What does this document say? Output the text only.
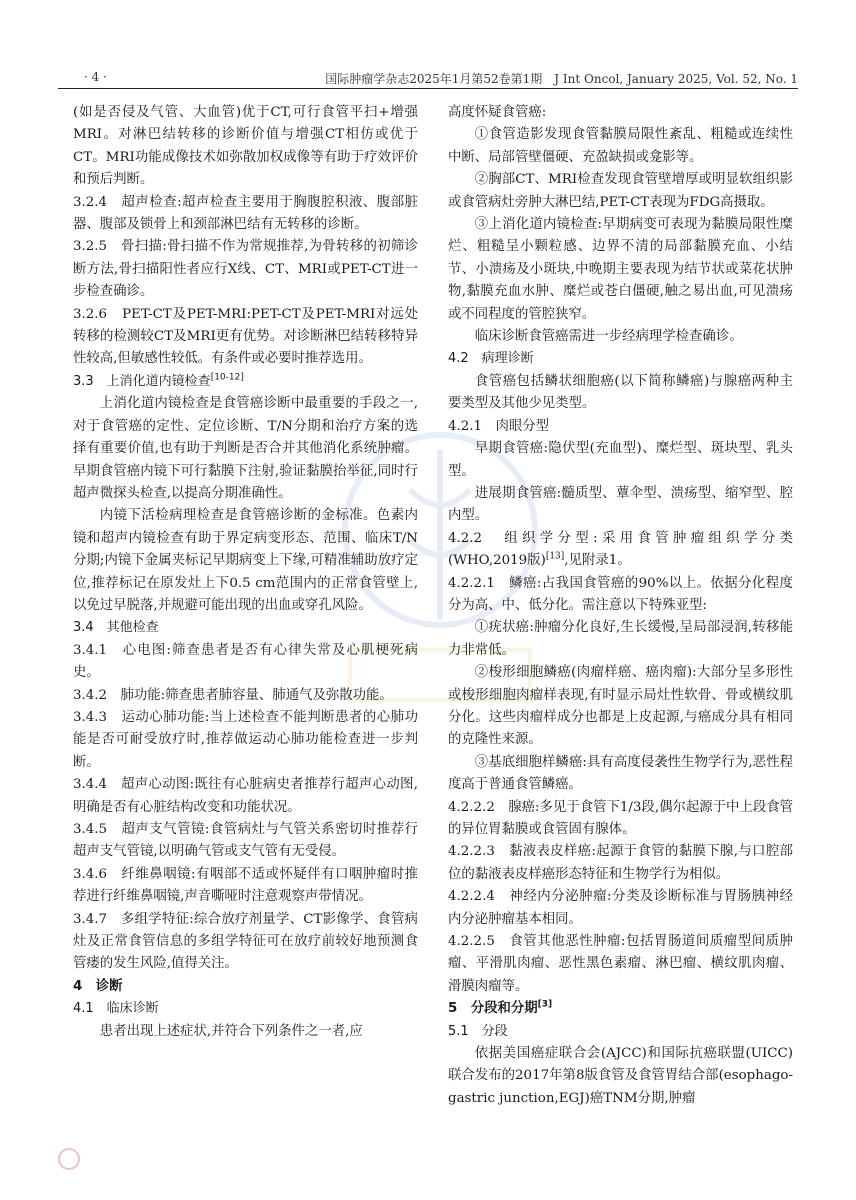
· 4 ·	国际肿瘤学杂志2025年1月第52卷第1期　J Int Oncol, January 2025, Vol. 52, No. 1
(如是否侵及气管、大血管)优于CT,可行食管平扫+增强MRI。对淋巴结转移的诊断价值与增强CT相仿或优于CT。MRI功能成像技术如弥散加权成像等有助于疗效评价和预后判断。
3.2.4　超声检查:超声检查主要用于胸腹腔积液、腹部脏器、腹部及锁骨上和颈部淋巴结有无转移的诊断。
3.2.5　骨扫描:骨扫描不作为常规推荐,为骨转移的初筛诊断方法,骨扫描阳性者应行X线、CT、MRI或PET-CT进一步检查确诊。
3.2.6　PET-CT及PET-MRI:PET-CT及PET-MRI对远处转移的检测较CT及MRI更有优势。对诊断淋巴结转移特异性较高,但敏感性较低。有条件或必要时推荐选用。
3.3　上消化道内镜检查[10-12]
上消化道内镜检查是食管癌诊断中最重要的手段之一,对于食管癌的定性、定位诊断、T/N分期和治疗方案的选择有重要价值,也有助于判断是否合并其他消化系统肿瘤。早期食管癌内镜下可行黏膜下注射,验证黏膜抬举征,同时行超声微探头检查,以提高分期准确性。
内镜下活检病理检查是食管癌诊断的金标准。色素内镜和超声内镜检查有助于界定病变形态、范围、临床T/N分期;内镜下金属夹标记早期病变上下缘,可精准辅助放疗定位,推荐标记在原发灶上下0.5 cm范围内的正常食管壁上,以免过早脱落,并规避可能出现的出血或穿孔风险。
3.4　其他检查
3.4.1　心电图:筛查患者是否有心律失常及心肌梗死病史。
3.4.2　肺功能:筛查患者肺容量、肺通气及弥散功能。
3.4.3　运动心肺功能:当上述检查不能判断患者的心肺功能是否可耐受放疗时,推荐做运动心肺功能检查进一步判断。
3.4.4　超声心动图:既往有心脏病史者推荐行超声心动图,明确是否有心脏结构改变和功能状况。
3.4.5　超声支气管镜:食管病灶与气管关系密切时推荐行超声支气管镜,以明确气管或支气管有无受侵。
3.4.6　纤维鼻咽镜:有咽部不适或怀疑伴有口咽肿瘤时推荐进行纤维鼻咽镜,声音嘶哑时注意观察声带情况。
3.4.7　多组学特征:综合放疗剂量学、CT影像学、食管病灶及正常食管信息的多组学特征可在放疗前较好地预测食管瘘的发生风险,值得关注。
4　诊断
4.1　临床诊断
患者出现上述症状,并符合下列条件之一者,应
高度怀疑食管癌:
①食管造影发现食管黏膜局限性紊乱、粗糙或连续性中断、局部管壁僵硬、充盈缺损或龛影等。
②胸部CT、MRI检查发现食管壁增厚或明显软组织影或食管病灶旁肿大淋巴结,PET-CT表现为FDG高摄取。
③上消化道内镜检查:早期病变可表现为黏膜局限性糜烂、粗糙呈小颗粒感、边界不清的局部黏膜充血、小结节、小溃疡及小斑块,中晚期主要表现为结节状或菜花状肿物,黏膜充血水肿、糜烂或苍白僵硬,触之易出血,可见溃疡或不同程度的管腔狭窄。
临床诊断食管癌需进一步经病理学检查确诊。
4.2　病理诊断
食管癌包括鳞状细胞癌(以下简称鳞癌)与腺癌两种主要类型及其他少见类型。
4.2.1　肉眼分型
早期食管癌:隐伏型(充血型)、糜烂型、斑块型、乳头型。
进展期食管癌:髓质型、蕈伞型、溃疡型、缩窄型、腔内型。
4.2.2　组织学分型:采用食管肿瘤组织学分类(WHO,2019版)[13],见附录1。
4.2.2.1　鳞癌:占我国食管癌的90%以上。依据分化程度分为高、中、低分化。需注意以下特殊亚型:
①疣状癌:肿瘤分化良好,生长缓慢,呈局部浸润,转移能力非常低。
②梭形细胞鳞癌(肉瘤样癌、癌肉瘤):大部分呈多形性或梭形细胞肉瘤样表现,有时显示局灶性软骨、骨或横纹肌分化。这些肉瘤样成分也都是上皮起源,与癌成分具有相同的克隆性来源。
③基底细胞样鳞癌:具有高度侵袭性生物学行为,恶性程度高于普通食管鳞癌。
4.2.2.2　腺癌:多见于食管下1/3段,偶尔起源于中上段食管的异位胃黏膜或食管固有腺体。
4.2.2.3　黏液表皮样癌:起源于食管的黏膜下腺,与口腔部位的黏液表皮样癌形态特征和生物学行为相似。
4.2.2.4　神经内分泌肿瘤:分类及诊断标准与胃肠胰神经内分泌肿瘤基本相同。
4.2.2.5　食管其他恶性肿瘤:包括胃肠道间质瘤型间质肿瘤、平滑肌肉瘤、恶性黑色素瘤、淋巴瘤、横纹肌肉瘤、滑膜肉瘤等。
5　分段和分期[3]
5.1　分段
依据美国癌症联合会(AJCC)和国际抗癌联盟(UICC)联合发布的2017年第8版食管及食管胃结合部(esophago-gastric junction,EGJ)癌TNM分期,肿瘤
